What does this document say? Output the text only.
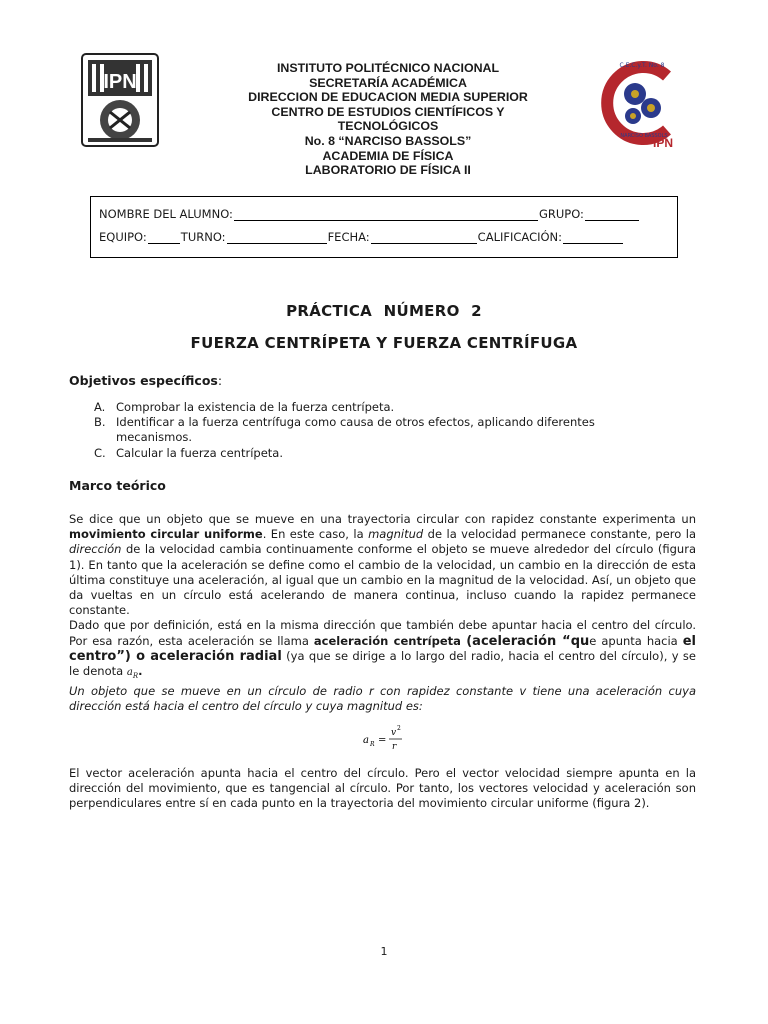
IPN
INSTITUTO POLITÉCNICO NACIONAL
SECRETARÍA ACADÉMICA
DIRECCION DE EDUCACION MEDIA SUPERIOR
CENTRO DE ESTUDIOS CIENTÍFICOS Y
TECNOLÓGICOS
No. 8 “NARCISO BASSOLS”
ACADEMIA DE FÍSICA
LABORATORIO DE FÍSICA II
C.E.C.y.T. No. 8
NARCISO BASSOLS
IPN
NOMBRE DEL ALUMNO:	GRUPO:
EQUIPO:	TURNO:	FECHA:	CALIFICACIÓN:
PRÁCTICA NÚMERO 2
FUERZA CENTRÍPETA Y FUERZA CENTRÍFUGA
Objetivos específicos:
A. Comprobar la existencia de la fuerza centrípeta.
B. Identificar a la fuerza centrífuga como causa de otros efectos, aplicando diferentes mecanismos.
C. Calcular la fuerza centrípeta.
Marco teórico

Se dice que un objeto que se mueve en una trayectoria circular con rapidez constante experimenta un movimiento circular uniforme. En este caso, la magnitud de la velocidad permanece constante, pero la dirección de la velocidad cambia continuamente conforme el objeto se mueve alrededor del círculo (figura 1). En tanto que la aceleración se define como el cambio de la velocidad, un cambio en la dirección de esta última constituye una aceleración, al igual que un cambio en la magnitud de la velocidad. Así, un objeto que da vueltas en un círculo está acelerando de manera continua, incluso cuando la rapidez permanece constante.

Dado que por definición, está en la misma dirección que también debe apuntar hacia el centro del círculo. Por esa razón, esta aceleración se llama aceleración centrípeta (aceleración “que apunta hacia el centro”) o aceleración radial (ya que se dirige a lo largo del radio, hacia el centro del círculo), y se le denota $a_R$.

Un objeto que se mueve en un círculo de radio r con rapidez constante v tiene una aceleración cuya dirección está hacia el centro del círculo y cuya magnitud es:

a R =
v 2
r
El vector aceleración apunta hacia el centro del círculo. Pero el vector velocidad siempre apunta en la dirección del movimiento, que es tangencial al círculo. Por tanto, los vectores velocidad y aceleración son perpendiculares entre sí en cada punto en la trayectoria del movimiento circular uniforme (figura 2).
1
